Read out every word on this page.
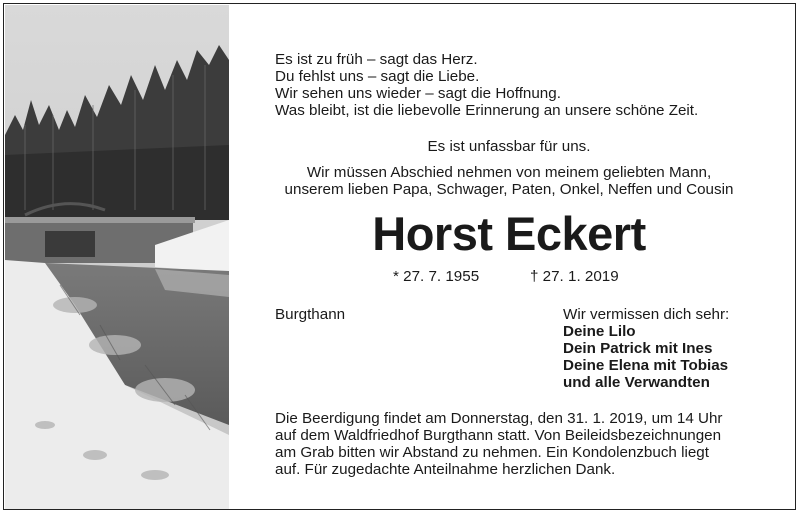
Es ist zu früh – sagt das Herz.
Du fehlst uns – sagt die Liebe.
Wir sehen uns wieder – sagt die Hoffnung.
Was bleibt, ist die liebevolle Erinnerung an unsere schöne Zeit.
Es ist unfassbar für uns.
Wir müssen Abschied nehmen von meinem geliebten Mann,
unserem lieben Papa, Schwager, Paten, Onkel, Neffen und Cousin
Horst Eckert
* 27. 7. 1955	† 27. 1. 2019
Burgthann	Wir vermissen dich sehr:
Deine Lilo
Dein Patrick mit Ines
Deine Elena mit Tobias
und alle Verwandten
Die Beerdigung findet am Donnerstag, den 31. 1. 2019, um 14 Uhr
auf dem Waldfriedhof Burgthann statt. Von Beileidsbezeichnungen
am Grab bitten wir Abstand zu nehmen. Ein Kondolenzbuch liegt
auf. Für zugedachte Anteilnahme herzlichen Dank.
